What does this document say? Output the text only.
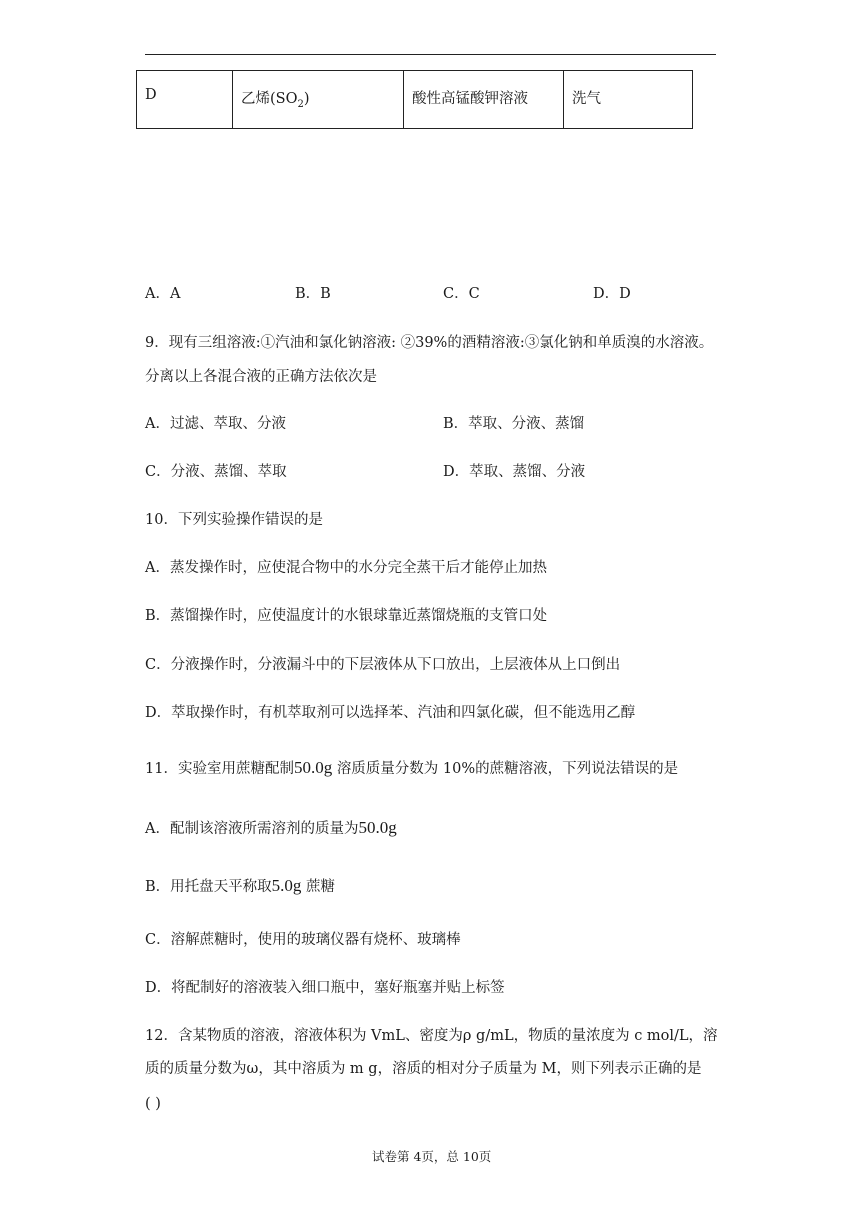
D	乙烯$(SO_2)$	酸性高锰酸钾溶液	洗气
A．A	B．B	C．C	D．D
9．现有三组溶液:①汽油和氯化钠溶液: ②39%的酒精溶液:③氯化钠和单质溴的水溶液。
分离以上各混合液的正确方法依次是
A．过滤、萃取、分液	B．萃取、分液、蒸馏
C．分液、蒸馏、萃取	D．萃取、蒸馏、分液
10．下列实验操作错误的是
A．蒸发操作时，应使混合物中的水分完全蒸干后才能停止加热
B．蒸馏操作时，应使温度计的水银球靠近蒸馏烧瓶的支管口处
C．分液操作时，分液漏斗中的下层液体从下口放出，上层液体从上口倒出
D．萃取操作时，有机萃取剂可以选择苯、汽油和四氯化碳，但不能选用乙醇
11．实验室用蔗糖配制50.0g 溶质质量分数为 10%的蔗糖溶液，下列说法错误的是
A．配制该溶液所需溶剂的质量为50.0g
B．用托盘天平称取5.0g 蔗糖
C．溶解蔗糖时，使用的玻璃仪器有烧杯、玻璃棒
D．将配制好的溶液装入细口瓶中，塞好瓶塞并贴上标签
12．含某物质的溶液，溶液体积为 VmL、密度为ρ g/mL，物质的量浓度为 c mol/L，溶
质的质量分数为ω，其中溶质为 m g，溶质的相对分子质量为 M，则下列表示正确的是
( )
试卷第 4页，总 10页
